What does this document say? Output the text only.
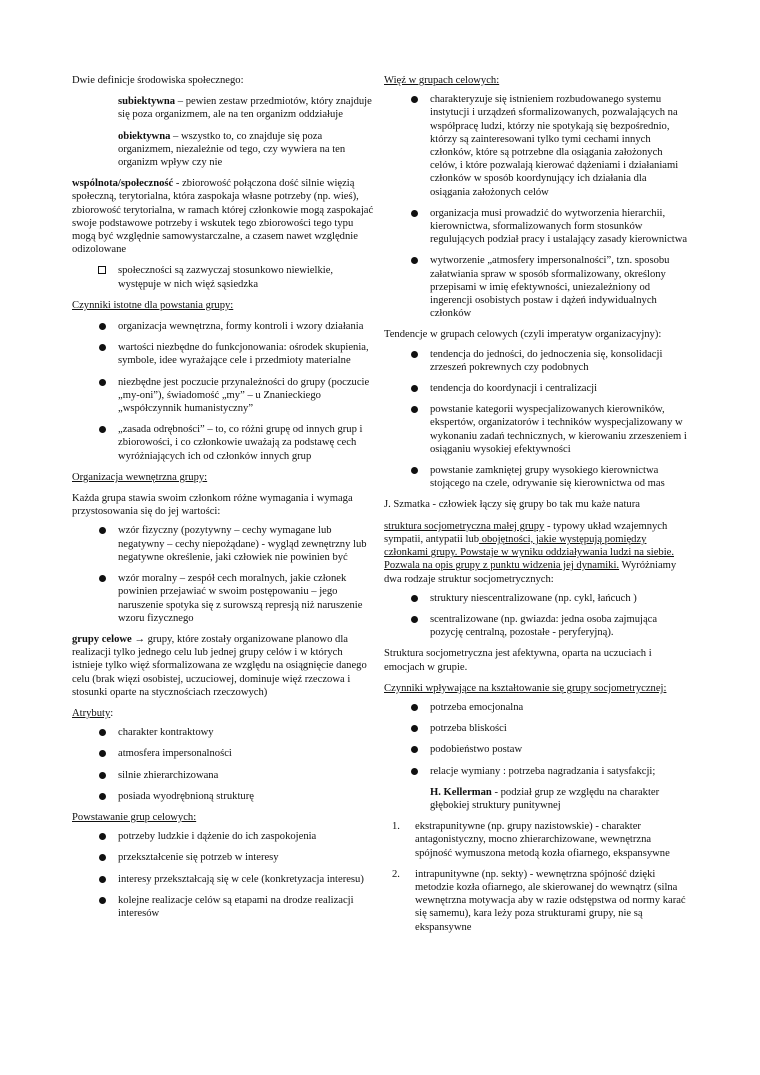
Dwie definicje środowiska społecznego:

subiektywna – pewien zestaw przedmiotów, który znajduje się poza organizmem, ale na ten organizm oddziałuje

obiektywna – wszystko to, co znajduje się poza organizmem, niezależnie od tego, czy wywiera na ten organizm wpływ czy nie

wspólnota/społeczność - zbiorowość połączona dość silnie więzią społeczną, terytorialna, która zaspokaja własne potrzeby (np. wieś), zbiorowość terytorialna, w ramach której członkowie mogą zaspokajać swoje podstawowe potrzeby i wskutek tego zbiorowości tego typu mogą być względnie samowystarczalne, a czasem nawet względnie odizolowane

społeczności są zazwyczaj stosunkowo niewielkie, występuje w nich więź sąsiedzka

Czynniki istotne dla powstania grupy:

organizacja wewnętrzna, formy kontroli i wzory działania
wartości niezbędne do funkcjonowania: ośrodek skupienia, symbole, idee wyrażające cele i przedmioty materialne
niezbędne jest poczucie przynależności do grupy (poczucie „my-oni”), świadomość „my” – u Znanieckiego „współczynnik humanistyczny”
„zasada odrębności” – to, co różni grupę od innych grup i zbiorowości, i co członkowie uważają za podstawę cech wyróżniających ich od członków innych grup

Organizacja wewnętrzna grupy:

Każda grupa stawia swoim członkom różne wymagania i wymaga przystosowania się do jej wartości:

wzór fizyczny (pozytywny – cechy wymagane lub negatywny – cechy niepożądane) - wygląd zewnętrzny lub negatywne określenie, jaki człowiek nie powinien być
wzór moralny – zespół cech moralnych, jakie członek powinien przejawiać w swoim postępowaniu – jego naruszenie spotyka się z surowszą represją niż naruszenie wzoru fizycznego

grupy celowe → grupy, które zostały organizowane planowo dla realizacji tylko jednego celu lub jednej grupy celów i w których istnieje tylko więź sformalizowana ze względu na osiągnięcie danego celu (brak więzi osobistej, uczuciowej, dominuje więź rzeczowa i stosunki oparte na stycznościach rzeczowych)

Atrybuty:

charakter kontraktowy
atmosfera impersonalności
silnie zhierarchizowana
posiada wyodrębnioną strukturę

Powstawanie grup celowych:

potrzeby ludzkie i dążenie do ich zaspokojenia
przekształcenie się potrzeb w interesy
interesy przekształcają się w cele (konkretyzacja interesu)
kolejne realizacje celów są etapami na drodze realizacji interesów

Więź w grupach celowych:

charakteryzuje się istnieniem rozbudowanego systemu instytucji i urządzeń sformalizowanych, pozwalających na współpracę ludzi, którzy nie spotykają się bezpośrednio, którzy są zainteresowani tylko tymi cechami innych członków, które są potrzebne dla osiągania założonych celów, i które pozwalają kierować dążeniami i działaniami członków w sposób koordynujący ich działania dla osiągania założonych celów
organizacja musi prowadzić do wytworzenia hierarchii, kierownictwa, sformalizowanych form stosunków regulujących podział pracy i ustalający zasady kierownictwa
wytworzenie „atmosfery impersonalności”, tzn. sposobu załatwiania spraw w sposób sformalizowany, określony przepisami w imię efektywności, uniezależniony od ingerencji osobistych postaw i dążeń indywidualnych członków

Tendencje w grupach celowych (czyli imperatyw organizacyjny):

tendencja do jedności, do jednoczenia się, konsolidacji zrzeszeń pokrewnych czy podobnych
tendencja do koordynacji i centralizacji
powstanie kategorii wyspecjalizowanych kierowników, ekspertów, organizatorów i techników wyspecjalizowany w wykonaniu zadań technicznych, w kierowaniu zrzeszeniem i osiąganiu wysokiej efektywności
powstanie zamkniętej grupy wysokiego kierownictwa stojącego na czele, odrywanie się kierownictwa od mas

J. Szmatka - człowiek łączy się grupy bo tak mu każe natura

struktura socjometryczna małej grupy - typowy układ wzajemnych sympatii, antypatii lub obojętności, jakie występują pomiędzy członkami grupy. Powstaje w wyniku oddziaływania ludzi na siebie. Pozwala na opis grupy z punktu widzenia jej dynamiki. Wyróżniamy dwa rodzaje struktur socjometrycznych:

struktury niescentralizowane (np. cykl, łańcuch )
scentralizowane (np. gwiazda: jedna osoba zajmująca pozycję centralną, pozostałe - peryferyjną).

Struktura socjometryczna jest afektywna, oparta na uczuciach i emocjach w grupie.

Czynniki wpływające na kształtowanie się grupy socjometrycznej:

potrzeba emocjonalna
potrzeba bliskości
podobieństwo postaw
relacje wymiany : potrzeba nagradzania i satysfakcji;

H. Kellerman - podział grup ze względu na charakter głębokiej struktury punitywnej

1. ekstrapunitywne (np. grupy nazistowskie) - charakter antagonistyczny, mocno zhierarchizowane, wewnętrzna spójność wymuszona metodą kozła ofiarnego, ekspansywne
2. intrapunitywne (np. sekty) - wewnętrzna spójność dzięki metodzie kozła ofiarnego, ale skierowanej do wewnątrz (silna wewnętrzna motywacja aby w razie odstępstwa od normy karać się samemu), kara leży poza strukturami grupy, nie są ekspansywne
